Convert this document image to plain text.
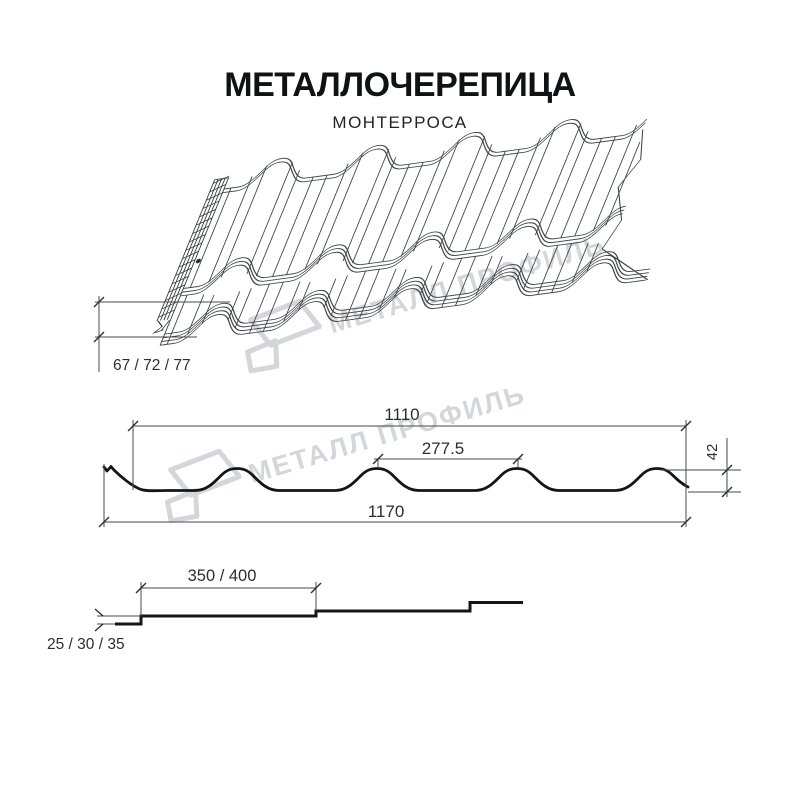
МЕТАЛЛОЧЕРЕПИЦА
МОНТЕРРОСА
МЕТАЛЛ ПРОФИЛЬ
67 / 72 / 77
1110
277.5
1170
42
350 / 400
25 / 30 / 35
